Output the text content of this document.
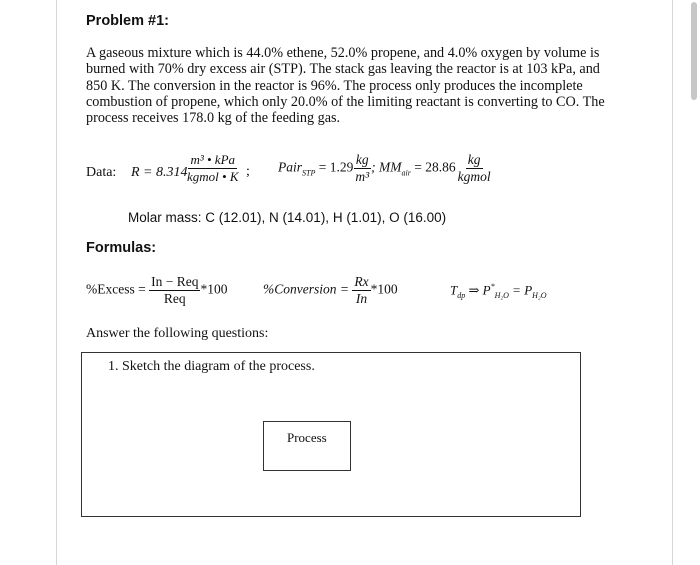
Problem #1:

A gaseous mixture which is 44.0% ethene, 52.0% propene, and 4.0% oxygen by volume is

burned with 70% dry excess air (STP). The stack gas leaving the reactor is at 103 kPa, and

850 K. The conversion in the reactor is 96%. The process only produces the incomplete

combustion of propene, which only 20.0% of the limiting reactant is converting to CO. The

process receives 178.0 kg of the feeding gas.

Data: R = 8.314
$\frac{\text{m³ • kPa}}{\text{kgmol • K}}$ ; Pair$_{STP}$ = $1.29 \frac{kg}{\text{m³}}$ ; $MM_{air} = 28.86 \frac{kg}{\text{kgmol}}$
Molar mass: C (12.01), N (14.01), H (1.01), O (16.00)
Formulas:
%Excess = $\frac{\text{In − Req}}{\text{Req}} *100$	%Conversion = $\frac{Rx}{In} *100$	$T_{dp}$ ⇒ $P^*_{H_2O} = P_{H_2O}$
Answer the following questions:
1. Sketch the diagram of the process.
Process
